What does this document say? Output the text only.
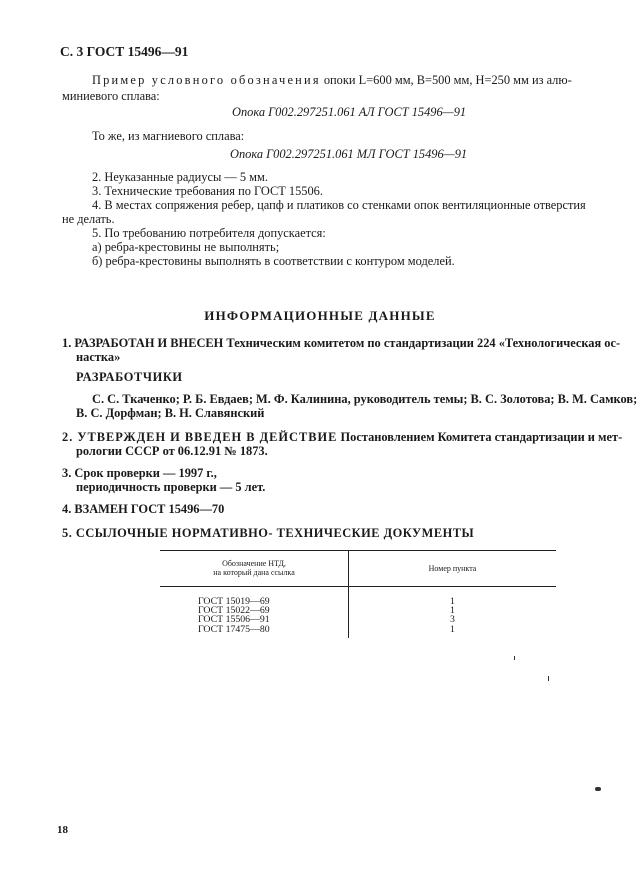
С. 3 ГОСТ 15496—91
Пример условного обозначения опоки L=600 мм, B=500 мм, H=250 мм из алю-
миниевого сплава:
Опока Г002.297251.061 АЛ ГОСТ 15496—91
То же, из магниевого сплава:
Опока Г002.297251.061 МЛ ГОСТ 15496—91
2. Неуказанные радиусы — 5 мм.
3. Технические требования по ГОСТ 15506.
4. В местах сопряжения ребер, цапф и платиков со стенками опок вентиляционные отверстия
не делать.
5. По требованию потребителя допускается:
а) ребра-крестовины не выполнять;
б) ребра-крестовины выполнять в соответствии с контуром моделей.
ИНФОРМАЦИОННЫЕ ДАННЫЕ
1. РАЗРАБОТАН И ВНЕСЕН Техническим комитетом по стандартизации 224 «Технологическая ос-
настка»
РАЗРАБОТЧИКИ
С. С. Ткаченко; Р. Б. Евдаев; М. Ф. Калинина, руководитель темы; В. С. Золотова; В. М. Самков;
В. С. Дорфман; В. Н. Славянский
2. УТВЕРЖДЕН И ВВЕДЕН В ДЕЙСТВИЕ Постановлением Комитета стандартизации и мет-
рологии СССР от 06.12.91 № 1873.
3. Срок проверки — 1997 г.,
периодичность проверки — 5 лет.
4. ВЗАМЕН ГОСТ 15496—70
5. ССЫЛОЧНЫЕ НОРМАТИВНО- ТЕХНИЧЕСКИЕ ДОКУМЕНТЫ
Обозначение НТД,
на который дана ссылка	Номер пункта
ГОСТ 15019—69	1
ГОСТ 15022—69	1
ГОСТ 15506—91	3
ГОСТ 17475—80	1
18
